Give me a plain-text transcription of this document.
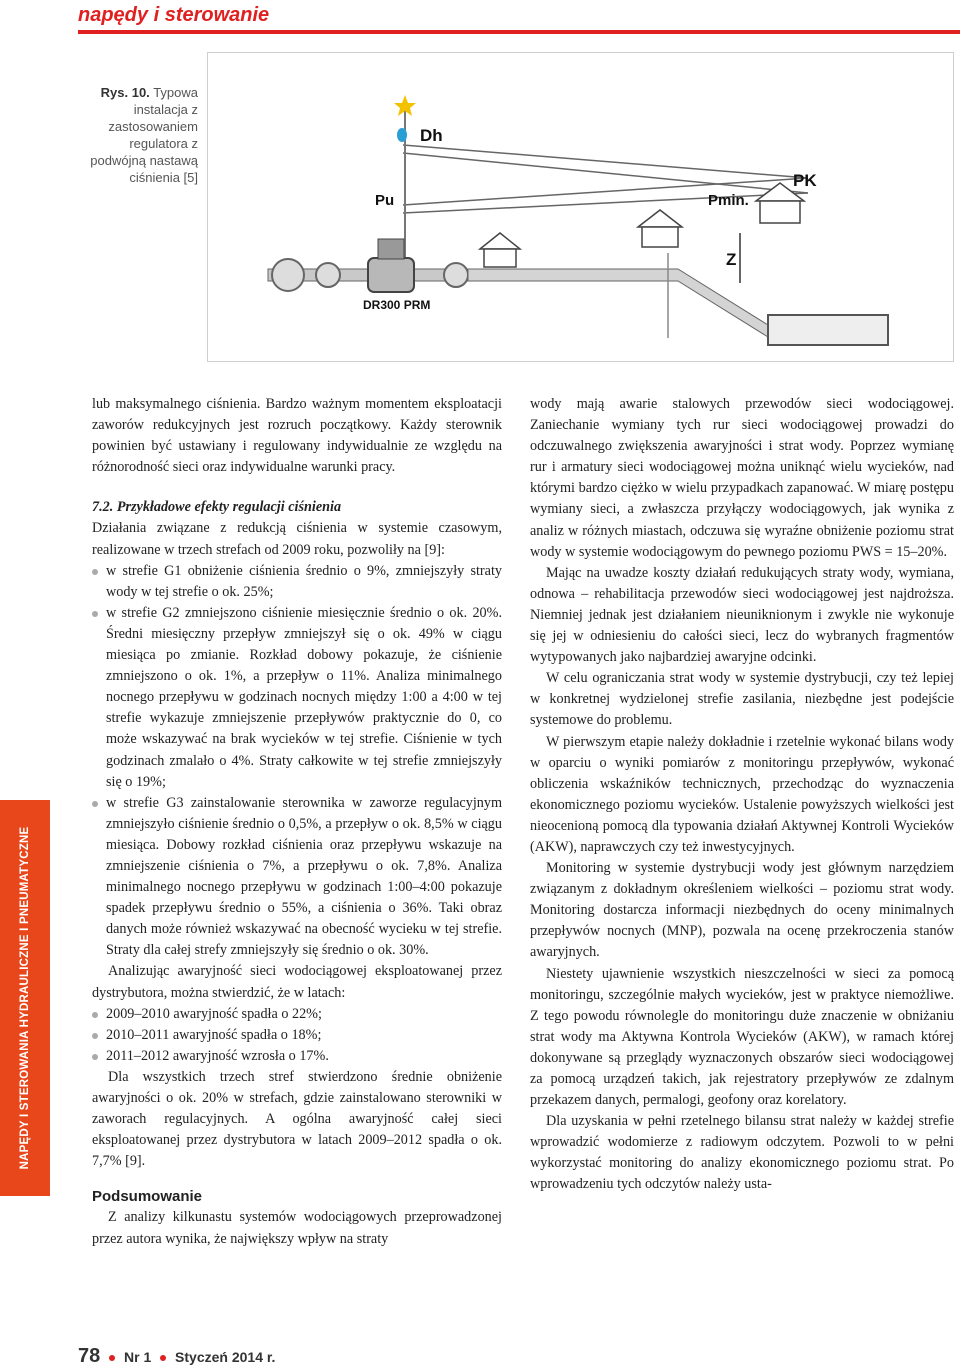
napędy i sterowanie
Rys. 10. Typowa instalacja z zastosowaniem regulatora z podwójną nastawą ciśnienia [5]
Dh
Pu	Pmin.
PK
Z
DR300 PRM
NAPĘDY I STEROWANIA HYDRAULICZNE I PNEUMATYCZNE

lub maksymalnego ciśnienia. Bardzo ważnym momentem eksploatacji zaworów redukcyjnych jest rozruch początkowy. Każdy sterownik powinien być ustawiany i regulowany indywidualnie ze względu na różnorodność sieci oraz indywidualne warunki pracy.

7.2. Przykładowe efekty regulacji ciśnienia

Działania związane z redukcją ciśnienia w systemie czasowym, realizowane w trzech strefach od 2009 roku, pozwoliły na [9]:

w strefie G1 obniżenie ciśnienia średnio o 9%, zmniejszyły straty wody w tej strefie o ok. 25%;
w strefie G2 zmniejszono ciśnienie miesięcznie średnio o ok. 20%. Średni miesięczny przepływ zmniejszył się o ok. 49% w ciągu miesiąca po zmianie. Rozkład dobowy pokazuje, że ciśnienie zmniejszono o ok. 1%, a przepływ o 11%. Analiza minimalnego nocnego przepływu w godzinach nocnych między 1:00 a 4:00 w tej strefie wykazuje zmniejszenie przepływów praktycznie do 0, co może wskazywać na brak wycieków w tej strefie. Ciśnienie w tych godzinach zmalało o 4%. Straty całkowite w tej strefie zmniejszyły się o 19%;
w strefie G3 zainstalowanie sterownika w zaworze regulacyjnym zmniejszyło ciśnienie średnio o 0,5%, a przepływ o ok. 8,5% w ciągu miesiąca. Dobowy rozkład ciśnienia oraz przepływu wskazuje na zmniejszenie ciśnienia o 7%, a przepływu o ok. 7,8%. Analiza minimalnego nocnego przepływu w godzinach 1:00–4:00 pokazuje spadek przepływu średnio o 55%, a ciśnienia o 36%. Taki obraz danych może również wskazywać na obecność wycieku w tej strefie. Straty dla całej strefy zmniejszyły się średnio o ok. 30%.

Analizując awaryjność sieci wodociągowej eksploatowanej przez dystrybutora, można stwierdzić, że w latach:

2009–2010 awaryjność spadła o 22%;
2010–2011 awaryjność spadła o 18%;
2011–2012 awaryjność wzrosła o 17%.

Dla wszystkich trzech stref stwierdzono średnie obniżenie awaryjności o ok. 20% w strefach, gdzie zainstalowano sterowniki w zaworach regulacyjnych. A ogólna awaryjność całej sieci eksploatowanej przez dystrybutora w latach 2009–2012 spadła o ok. 7,7% [9].

Podsumowanie

Z analizy kilkunastu systemów wodociągowych przeprowadzonej przez autora wynika, że największy wpływ na straty

wody mają awarie stalowych przewodów sieci wodociągowej. Zaniechanie wymiany tych rur sieci wodociągowej prowadzi do odczuwalnego zwiększenia awaryjności i strat wody. Poprzez wymianę rur i armatury sieci wodociągowej można uniknąć wielu wycieków, nad którymi bardzo ciężko w wielu przypadkach zapanować. W miarę postępu wymiany sieci, a zwłaszcza przyłączy wodociągowych, jak wynika z analiz w różnych miastach, odczuwa się wyraźne obniżenie poziomu strat wody w systemie wodociągowym do pewnego poziomu PWS = 15–20%.

Mając na uwadze koszty działań redukujących straty wody, wymiana, odnowa – rehabilitacja przewodów sieci wodociągowej jest najdroższa. Niemniej jednak jest działaniem nieuniknionym i zwykle nie wykonuje się jej w odniesieniu do całości sieci, lecz do wybranych fragmentów wytypowanych jako najbardziej awaryjne odcinki.

W celu ograniczania strat wody w systemie dystrybucji, czy też lepiej w konkretnej wydzielonej strefie zasilania, niezbędne jest podejście systemowe do problemu.

W pierwszym etapie należy dokładnie i rzetelnie wykonać bilans wody w oparciu o wyniki pomiarów z monitoringu przepływów, wykonać obliczenia wskaźników technicznych, przechodząc do wyznaczenia ekonomicznego poziomu wycieków. Ustalenie powyższych wielkości jest nieocenioną pomocą dla typowania działań Aktywnej Kontroli Wycieków (AKW), naprawczych czy też inwestycyjnych.

Monitoring w systemie dystrybucji wody jest głównym narzędziem związanym z dokładnym określeniem wielkości – poziomu strat wody. Monitoring dostarcza informacji niezbędnych do oceny minimalnych przepływów nocnych (MNP), pozwala na ocenę przekroczenia stanów awaryjnych.

Niestety ujawnienie wszystkich nieszczelności w sieci za pomocą monitoringu, szczególnie małych wycieków, jest w praktyce niemożliwe. Z tego powodu równolegle do monitoringu duże znaczenie w obniżaniu strat wody ma Aktywna Kontrola Wycieków (AKW), w ramach której dokonywane są przeglądy wyznaczonych obszarów sieci wodociągowej za pomocą urządzeń takich, jak rejestratory przepływów ze zdalnym przekazem danych, permalogi, geofony oraz korelatory.

Dla uzyskania w pełni rzetelnego bilansu strat należy w każdej strefie wprowadzić wodomierze z radiowym odczytem. Pozwoli to w pełni wykorzystać monitoring do analizy ekonomicznego poziomu strat. Po wprowadzeniu tych odczytów należy usta-

78 Nr 1 Styczeń 2014 r.
